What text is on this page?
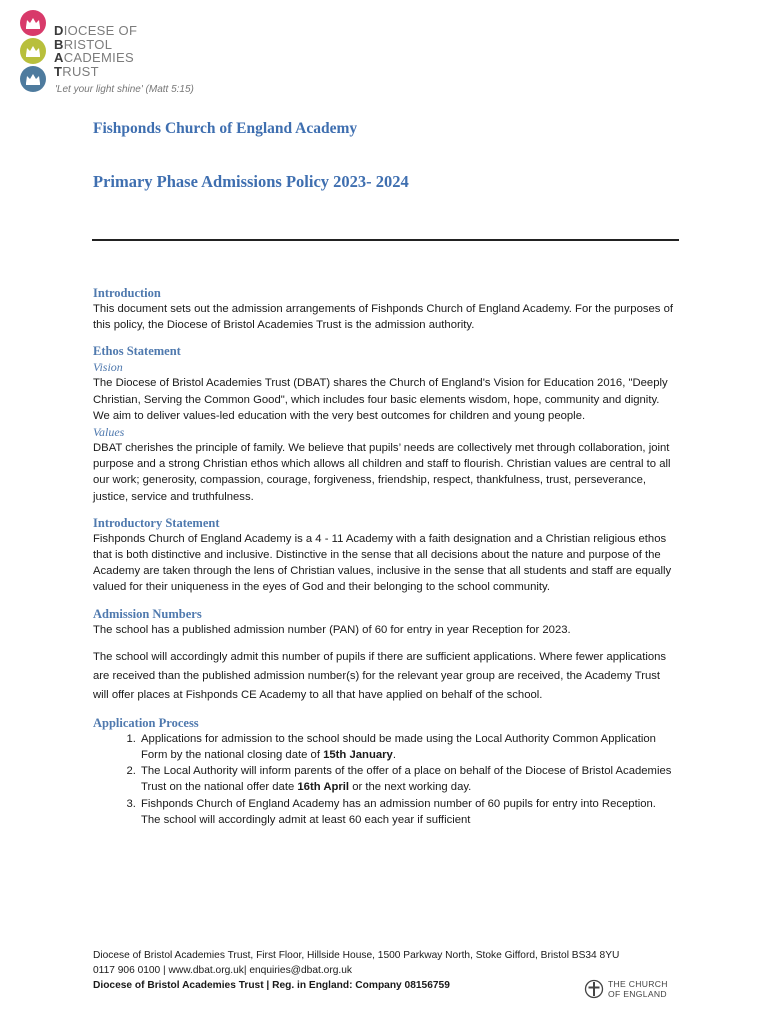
DIOCESE OF
BRISTOL
ACADEMIES
TRUST
'Let your light shine' (Matt 5:15)
Fishponds Church of England Academy
Primary Phase Admissions Policy 2023- 2024
Introduction

This document sets out the admission arrangements of Fishponds Church of England Academy. For the purposes of this policy, the Diocese of Bristol Academies Trust is the admission authority.

Ethos Statement
Vision

The Diocese of Bristol Academies Trust (DBAT) shares the Church of England's Vision for Education 2016, "Deeply Christian, Serving the Common Good", which includes four basic elements wisdom, hope, community and dignity. We aim to deliver values-led education with the very best outcomes for children and young people.

Values

DBAT cherishes the principle of family. We believe that pupils’ needs are collectively met through collaboration, joint purpose and a strong Christian ethos which allows all children and staff to flourish. Christian values are central to all our work; generosity, compassion, courage, forgiveness, friendship, respect, thankfulness, trust, perseverance, justice, service and truthfulness.

Introductory Statement

Fishponds Church of England Academy is a 4 - 11 Academy with a faith designation and a Christian religious ethos that is both distinctive and inclusive. Distinctive in the sense that all decisions about the nature and purpose of the Academy are taken through the lens of Christian values, inclusive in the sense that all students and staff are equally valued for their uniqueness in the eyes of God and their belonging to the school community.

Admission Numbers

The school has a published admission number (PAN) of 60 for entry in year Reception for 2023.

The school will accordingly admit this number of pupils if there are sufficient applications. Where fewer applications are received than the published admission number(s) for the relevant year group are received, the Academy Trust will offer places at Fishponds CE Academy to all that have applied on behalf of the school.

Application Process
1. Applications for admission to the school should be made using the Local Authority Common Application Form by the national closing date of 15th January.
2. The Local Authority will inform parents of the offer of a place on behalf of the Diocese of Bristol Academies Trust on the national offer date 16th April or the next working day.
3. Fishponds Church of England Academy has an admission number of 60 pupils for entry into Reception. The school will accordingly admit at least 60 each year if sufficient
Diocese of Bristol Academies Trust, First Floor, Hillside House, 1500 Parkway North, Stoke Gifford, Bristol BS34 8YU
0117 906 0100 | www.dbat.org.uk| enquiries@dbat.org.uk
Diocese of Bristol Academies Trust | Reg. in England: Company 08156759	THE CHURCH
OF ENGLAND
